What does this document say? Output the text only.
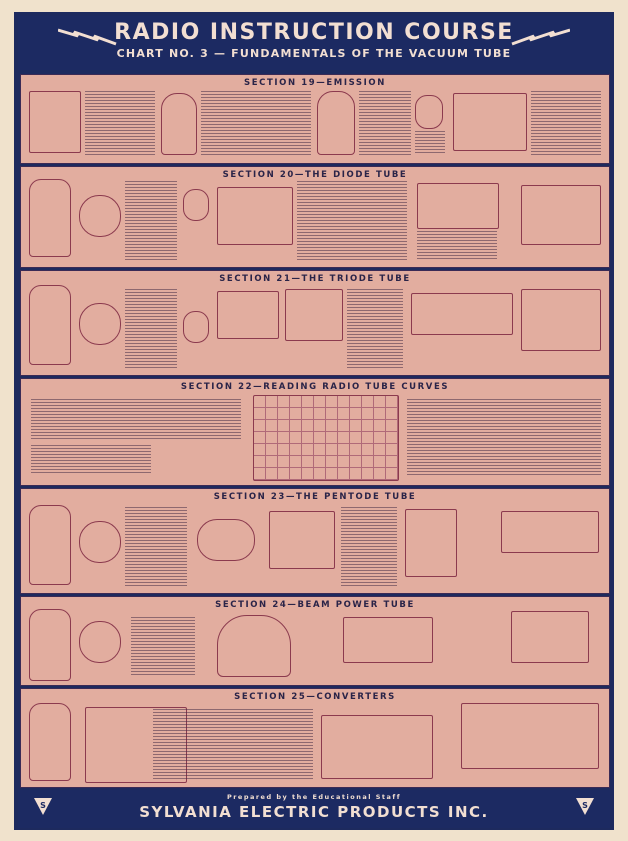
RADIO INSTRUCTION COURSE
CHART NO. 3 — FUNDAMENTALS OF THE VACUUM TUBE
SECTION 19—EMISSION
SECTION 20—THE DIODE TUBE
SECTION 21—THE TRIODE TUBE
SECTION 22—READING RADIO TUBE CURVES
SECTION 23—THE PENTODE TUBE
SECTION 24—BEAM POWER TUBE
SECTION 25—CONVERTERS
S
Prepared by the Educational Staff
SYLVANIA ELECTRIC PRODUCTS INC.	S
